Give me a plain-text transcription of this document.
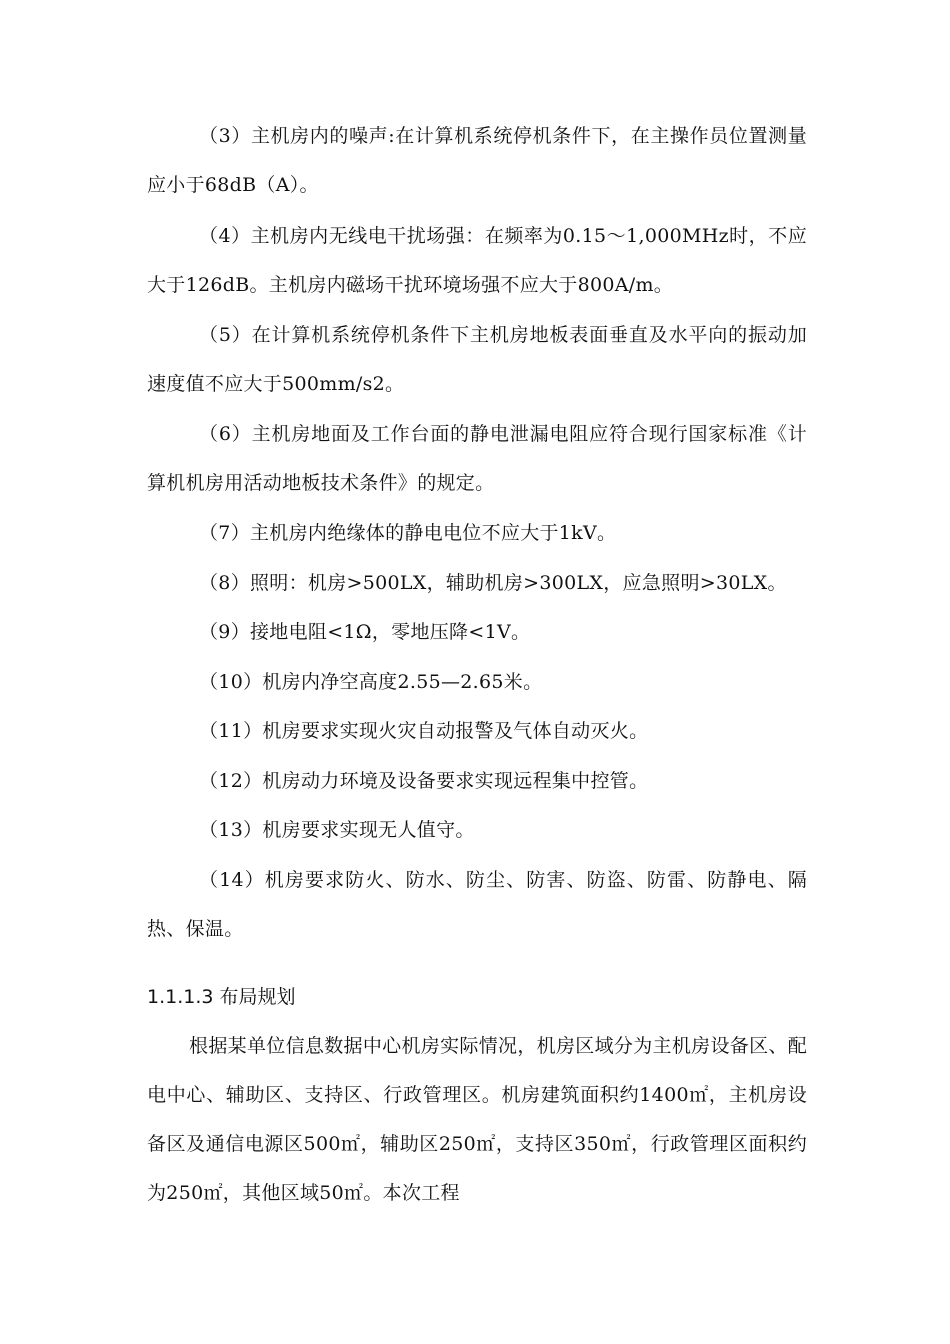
（3）主机房内的噪声:在计算机系统停机条件下，在主操作员位置测量应小于68dB（A）。

（4）主机房内无线电干扰场强：在频率为0.15～1,000MHz时，不应大于126dB。主机房内磁场干扰环境场强不应大于800A/m。

（5）在计算机系统停机条件下主机房地板表面垂直及水平向的振动加速度值不应大于500mm/s2。

（6）主机房地面及工作台面的静电泄漏电阻应符合现行国家标准《计算机机房用活动地板技术条件》的规定。

（7）主机房内绝缘体的静电电位不应大于1kV。

（8）照明：机房>500LX，辅助机房>300LX，应急照明>30LX。

（9）接地电阻<1Ω，零地压降<1V。

（10）机房内净空高度2.55—2.65米。

（11）机房要求实现火灾自动报警及气体自动灭火。

（12）机房动力环境及设备要求实现远程集中控管。

（13）机房要求实现无人值守。

（14）机房要求防火、防水、防尘、防害、防盗、防雷、防静电、隔热、保温。

1.1.1.3 布局规划

根据某单位信息数据中心机房实际情况，机房区域分为主机房设备区、配电中心、辅助区、支持区、行政管理区。机房建筑面积约1400㎡，主机房设备区及通信电源区500㎡，辅助区250㎡，支持区350㎡，行政管理区面积约为250㎡，其他区域50㎡。本次工程
